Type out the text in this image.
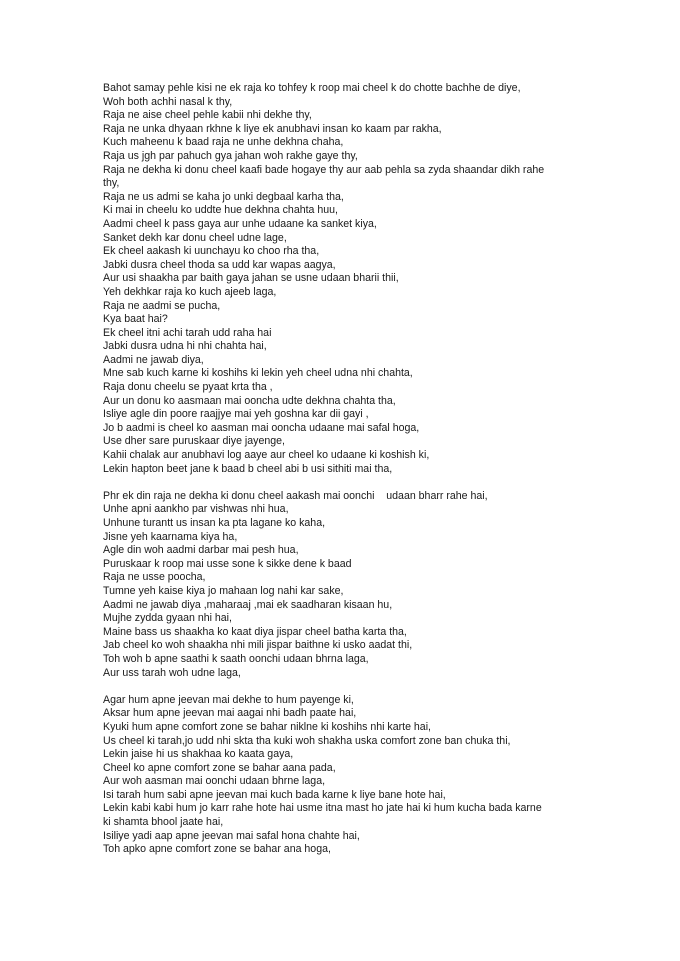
Bahot samay pehle kisi ne ek raja ko tohfey k roop mai cheel k do chotte bachhe de diye,
Woh both achhi nasal k thy,
Raja ne aise cheel pehle kabii nhi dekhe thy,
Raja ne unka dhyaan rkhne k liye ek anubhavi insan ko kaam par rakha,
Kuch maheenu k baad raja ne unhe dekhna chaha,
Raja us jgh par pahuch gya jahan woh rakhe gaye thy,
Raja ne dekha ki donu cheel kaafi bade hogaye thy aur aab pehla sa zyda shaandar dikh rahe
thy,
Raja ne us admi se kaha jo unki degbaal karha tha,
Ki mai in cheelu ko uddte hue dekhna chahta huu,
Aadmi cheel k pass gaya aur unhe udaane ka sanket kiya,
Sanket dekh kar donu cheel udne lage,
Ek cheel aakash ki uunchayu ko choo rha tha,
Jabki dusra cheel thoda sa udd kar wapas aagya,
Aur usi shaakha par baith gaya jahan se usne udaan bharii thii,
Yeh dekhkar raja ko kuch ajeeb laga,
Raja ne aadmi se pucha,
Kya baat hai?
Ek cheel itni achi tarah udd raha hai
Jabki dusra udna hi nhi chahta hai,
Aadmi ne jawab diya,
Mne sab kuch karne ki koshihs ki lekin yeh cheel udna nhi chahta,
Raja donu cheelu se pyaat krta tha ,
Aur un donu ko aasmaan mai ooncha udte dekhna chahta tha,
Isliye agle din poore raajjye mai yeh goshna kar dii gayi ,
Jo b aadmi is cheel ko aasman mai ooncha udaane mai safal hoga,
Use dher sare puruskaar diye jayenge,
Kahii chalak aur anubhavi log aaye aur cheel ko udaane ki koshish ki,
Lekin hapton beet jane k baad b cheel abi b usi sithiti mai tha,
Phr ek din raja ne dekha ki donu cheel aakash mai oonchi    udaan bharr rahe hai,
Unhe apni aankho par vishwas nhi hua,
Unhune turantt us insan ka pta lagane ko kaha,
Jisne yeh kaarnama kiya ha,
Agle din woh aadmi darbar mai pesh hua,
Puruskaar k roop mai usse sone k sikke dene k baad
Raja ne usse poocha,
Tumne yeh kaise kiya jo mahaan log nahi kar sake,
Aadmi ne jawab diya ,maharaaj ,mai ek saadharan kisaan hu,
Mujhe zydda gyaan nhi hai,
Maine bass us shaakha ko kaat diya jispar cheel batha karta tha,
Jab cheel ko woh shaakha nhi mili jispar baithne ki usko aadat thi,
Toh woh b apne saathi k saath oonchi udaan bhrna laga,
Aur uss tarah woh udne laga,
Agar hum apne jeevan mai dekhe to hum payenge ki,
Aksar hum apne jeevan mai aagai nhi badh paate hai,
Kyuki hum apne comfort zone se bahar niklne ki koshihs nhi karte hai,
Us cheel ki tarah,jo udd nhi skta tha kuki woh shakha uska comfort zone ban chuka thi,
Lekin jaise hi us shakhaa ko kaata gaya,
Cheel ko apne comfort zone se bahar aana pada,
Aur woh aasman mai oonchi udaan bhrne laga,
Isi tarah hum sabi apne jeevan mai kuch bada karne k liye bane hote hai,
Lekin kabi kabi hum jo karr rahe hote hai usme itna mast ho jate hai ki hum kucha bada karne
ki shamta bhool jaate hai,
Isiliye yadi aap apne jeevan mai safal hona chahte hai,
Toh apko apne comfort zone se bahar ana hoga,
